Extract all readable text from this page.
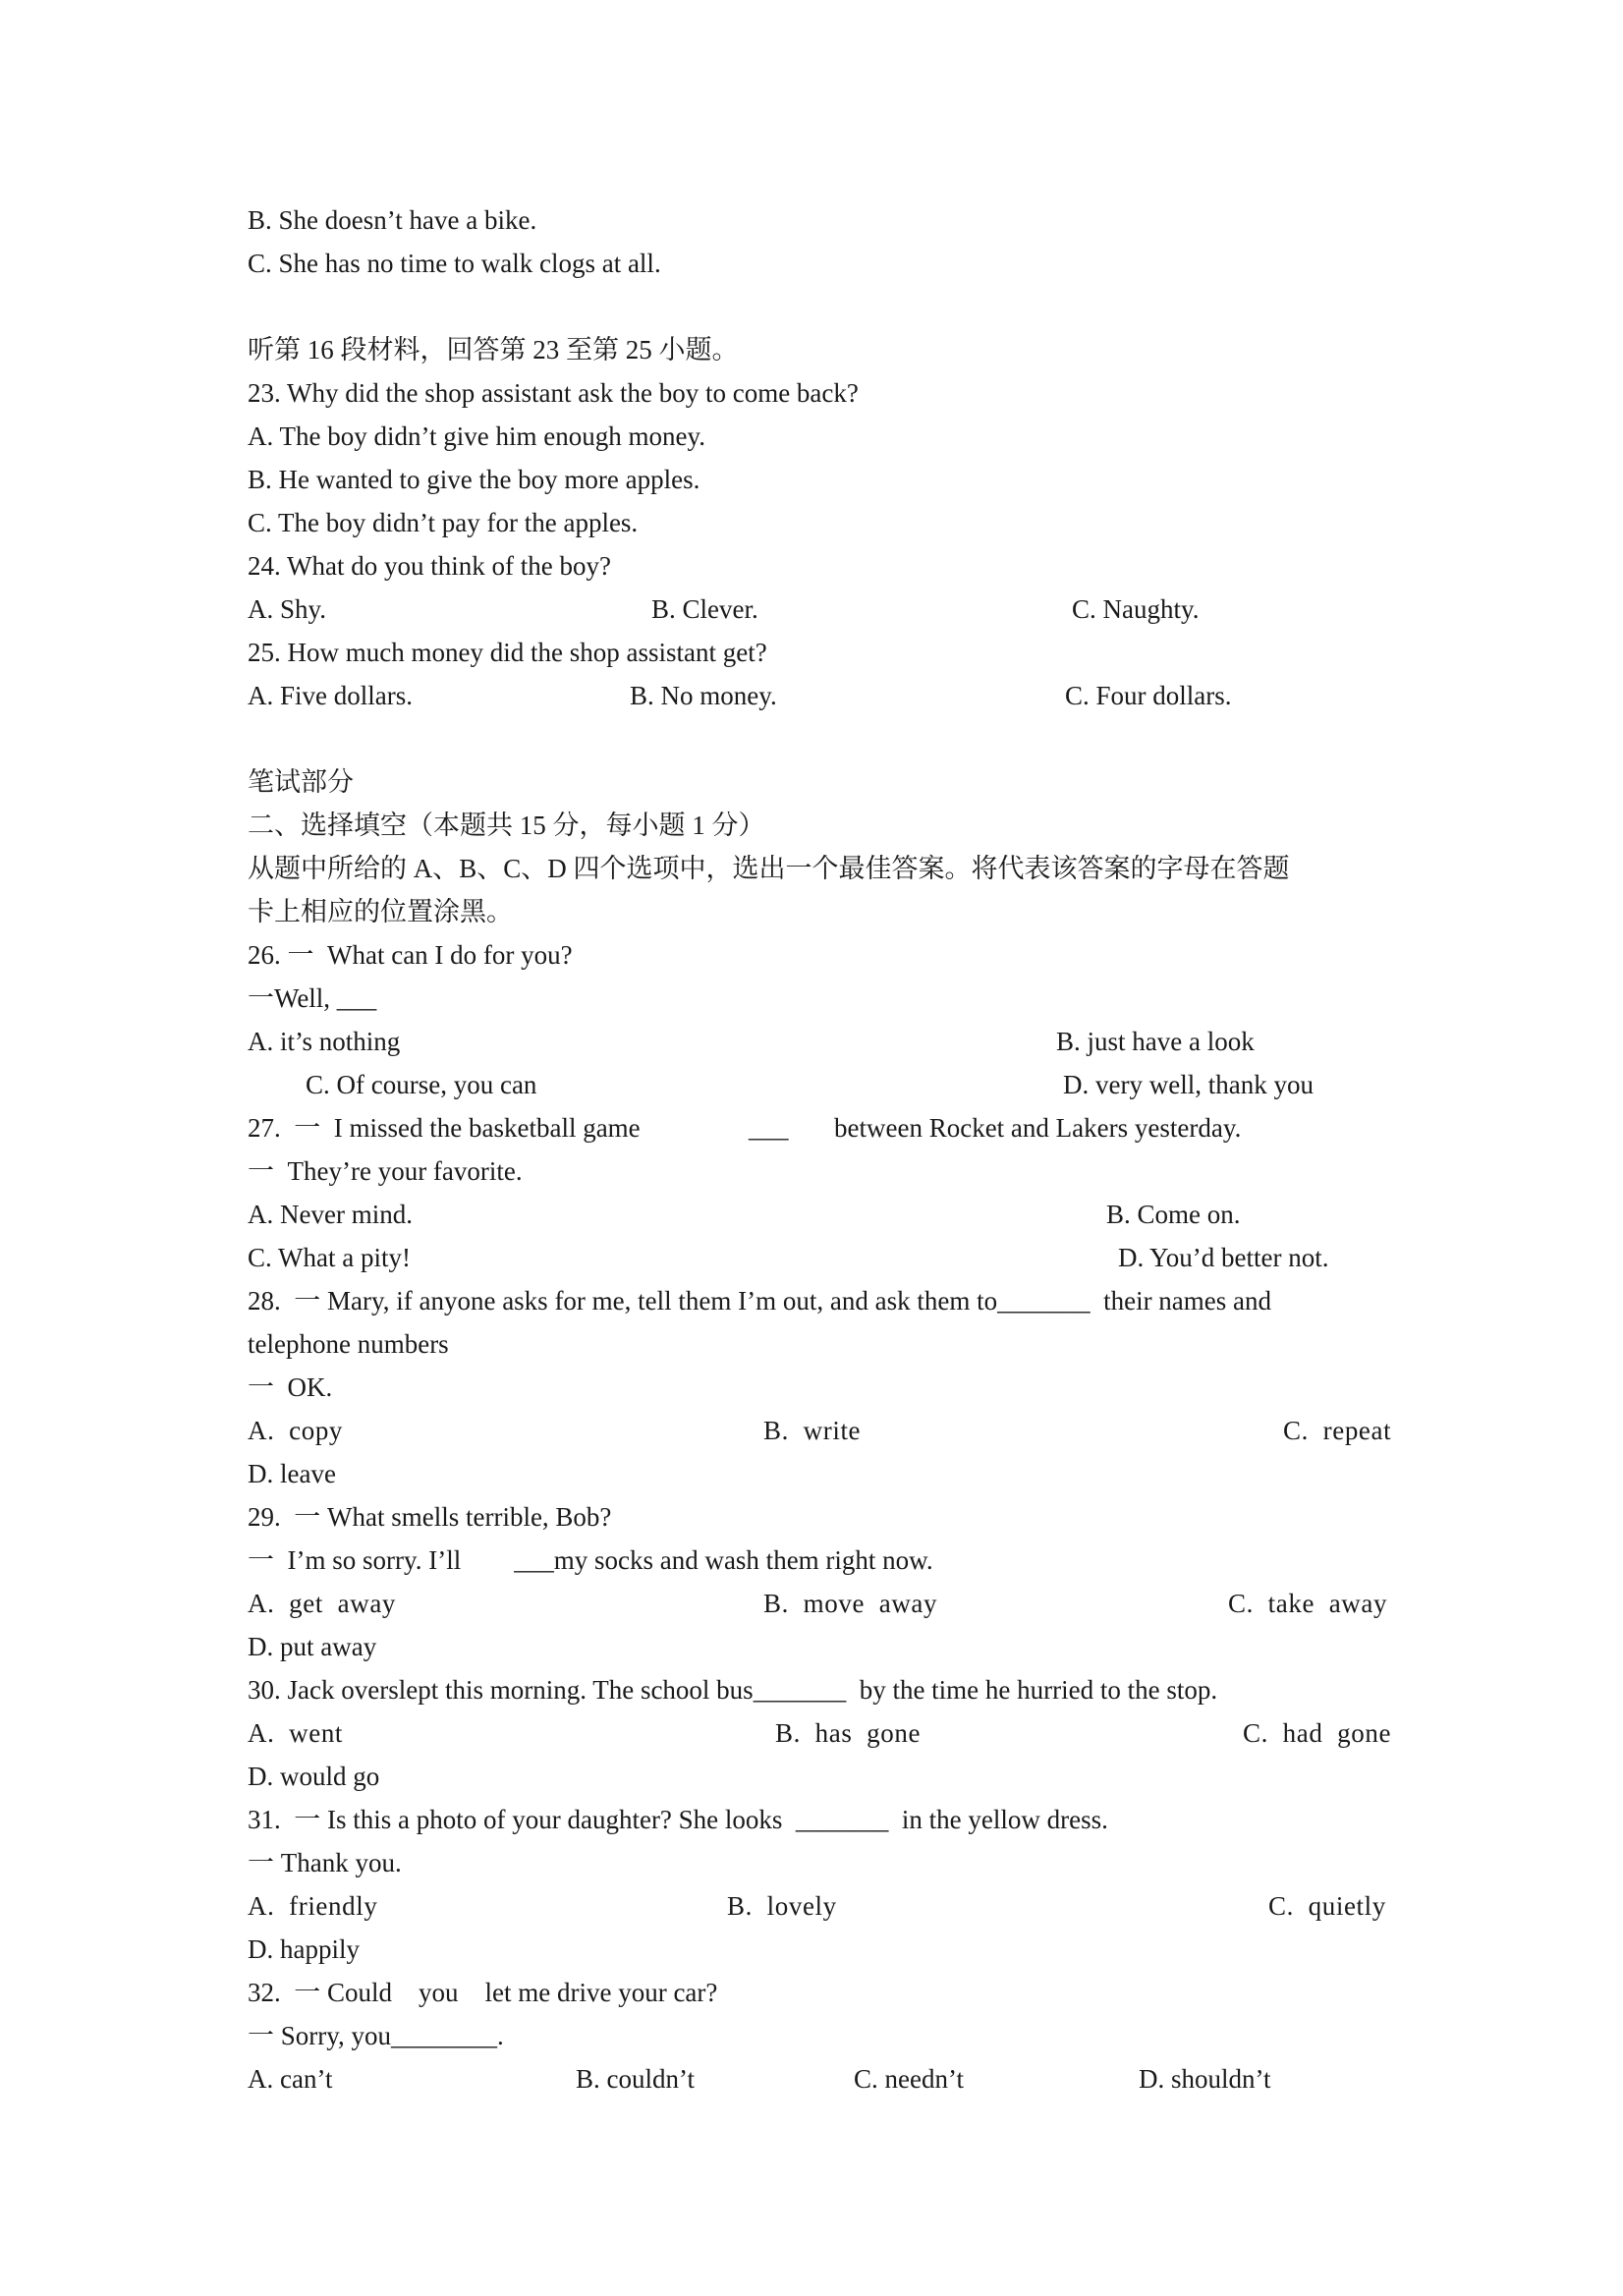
B. She doesn’t have a bike.
C. She has no time to walk clogs at all.
听第 16 段材料，回答第 23 至第 25 小题。
23. Why did the shop assistant ask the boy to come back?
A. The boy didn’t give him enough money.
B. He wanted to give the boy more apples.
C. The boy didn’t pay for the apples.
24. What do you think of the boy?
A. Shy.	B. Clever.	C. Naughty.
25. How much money did the shop assistant get?
A. Five dollars.	B. No money.	C. Four dollars.
笔试部分
二、选择填空（本题共 15 分，每小题 1 分）
从题中所给的 A、B、C、D 四个选项中，选出一个最佳答案。将代表该答案的字母在答题
卡上相应的位置涂黑。
26. 一  What can I do for you?
一Well, ___
A. it’s nothing	B. just have a look
C. Of course, you can	D. very well, thank you
27.  一  I missed the basketball game	___ between Rocket and Lakers yesterday.
一  They’re your favorite.
A. Never mind.	B. Come on.
C. What a pity!	D. You’d better not.
28.  一 Mary, if anyone asks for me, tell them I’m out, and ask them to_______  their names and
telephone numbers
一  OK.
A.  copy	B.  write	C.  repeat
D. leave
29.  一 What smells terrible, Bob?
一  I’m so sorry. I’ll        ___my socks and wash them right now.
A.  get  away	B.  move  away	C.  take  away
D. put away
30. Jack overslept this morning. The school bus_______  by the time he hurried to the stop.
A.  went	B.  has  gone	C.  had  gone
D. would go
31.  一 Is this a photo of your daughter? She looks  _______  in the yellow dress.
一 Thank you.
A.  friendly	B.  lovely	C.  quietly
D. happily
32.  一 Could    you    let me drive your car?
一 Sorry, you________.
A. can’t	B. couldn’t	C. needn’t	D. shouldn’t
